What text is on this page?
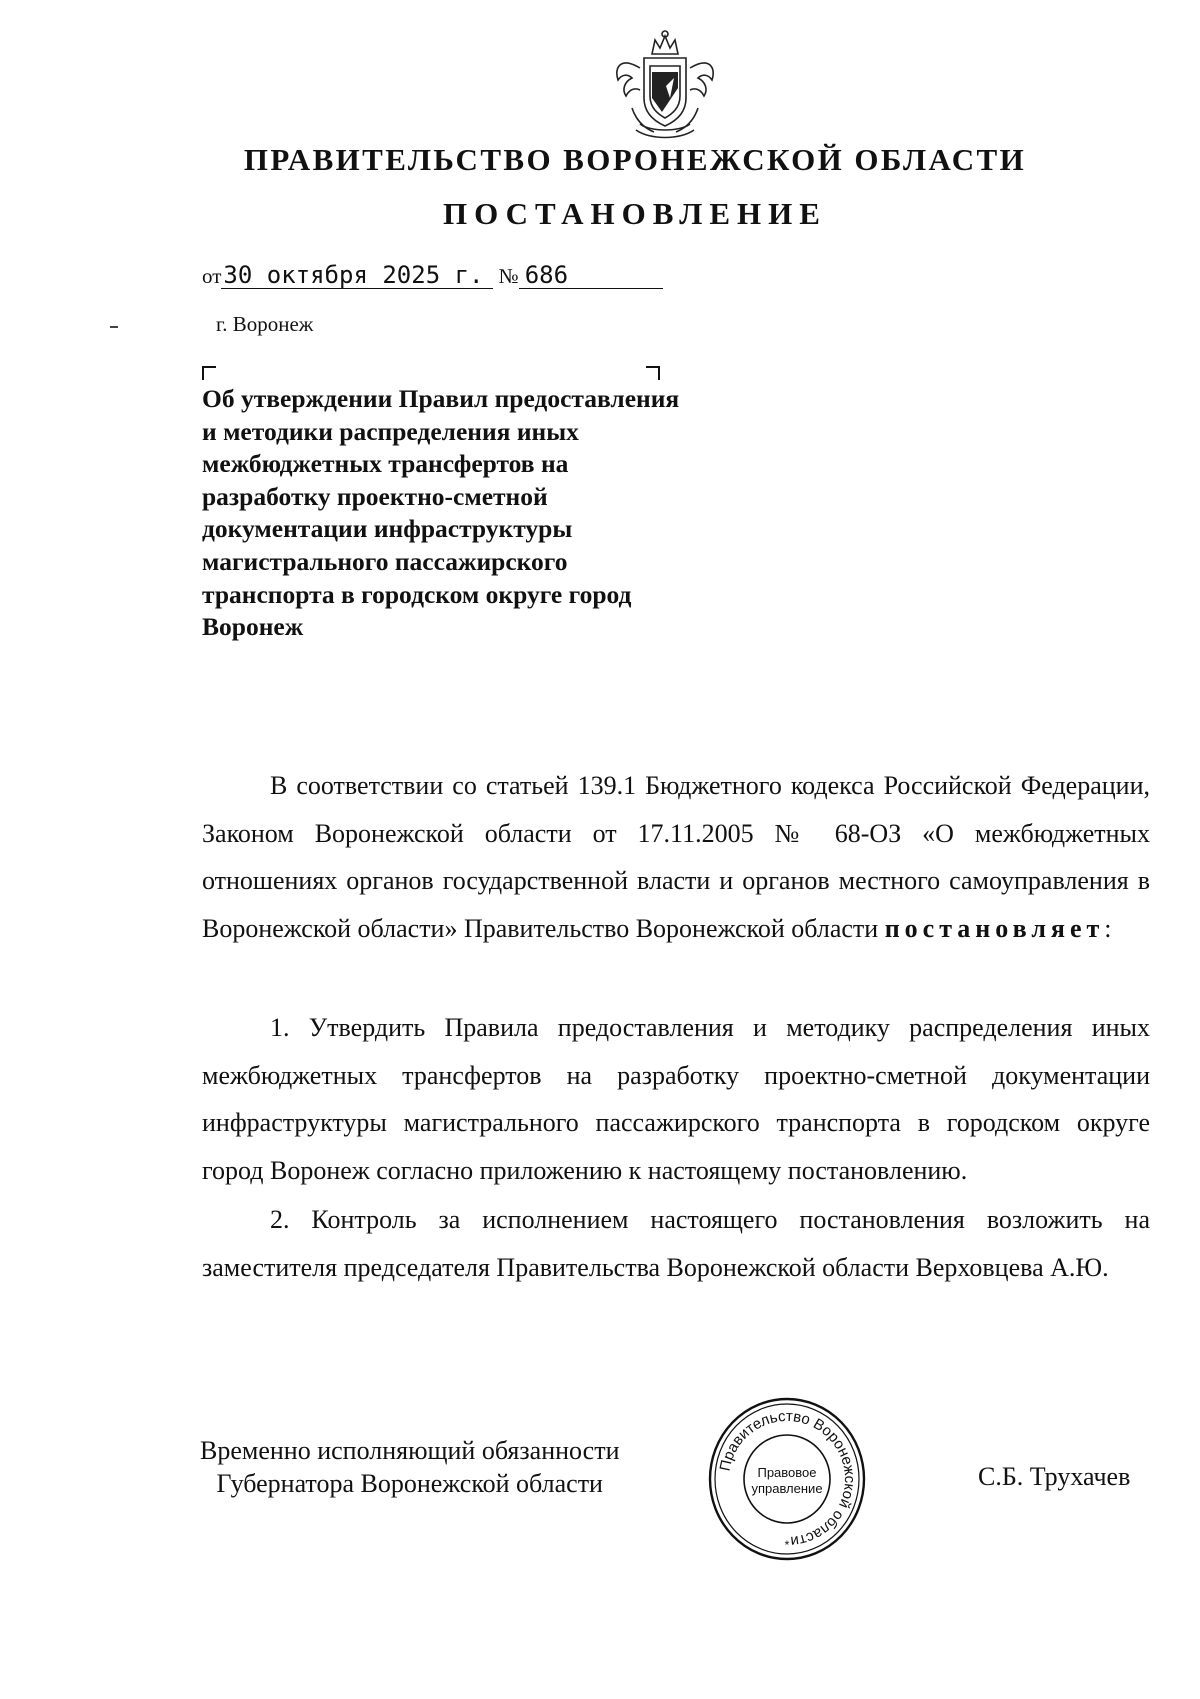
ПРАВИТЕЛЬСТВО ВОРОНЕЖСКОЙ ОБЛАСТИ
ПОСТАНОВЛЕНИЕ
от30 октября 2025 г. № 686
г. Воронеж
Об утверждении Правил предоставления и методики распределения иных межбюджетных трансфертов на разработку проектно-сметной документации инфраструктуры магистрального пассажирского транспорта в городском округе город Воронеж
В соответствии со статьей 139.1 Бюджетного кодекса Российской Федерации, Законом Воронежской области от 17.11.2005 № 68-ОЗ «О межбюджетных отношениях органов государственной власти и органов местного самоуправления в Воронежской области» Правительство Воронежской области постановляет:
1. Утвердить Правила предоставления и методику распределения иных межбюджетных трансфертов на разработку проектно-сметной документации инфраструктуры магистрального пассажирского транспорта в городском округе город Воронеж согласно приложению к настоящему постановлению.
2. Контроль за исполнением настоящего постановления возложить на заместителя председателя Правительства Воронежской области Верховцева А.Ю.
Временно исполняющий обязанности
Губернатора Воронежской области
Правительство Воронежской области
Правовое
управление
*
С.Б. Трухачев
